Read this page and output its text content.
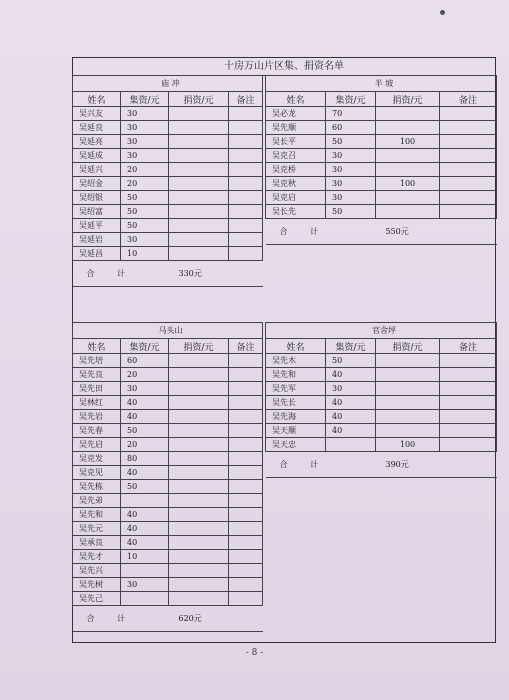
十房万山片区集、捐资名单
庙 冲			
姓名	集资/元	捐资/元	备注
吴兴友	30		
吴延良	30		
吴延亮	30		
吴延成	30		
吴延兴	20		
吴绍金	20		
吴绍银	50		
吴绍富	50		
吴延平	50		
吴延岩	30		
吴延昌	10		
合 计		330元	
半 坡			
姓名	集资/元	捐资/元	备注
吴必龙	70		
吴先顺	60		
吴长平	50	100	
吴克召	30		
吴克桥	30		
吴克秋	30	100	
吴克启	30		
吴长先	50		
合 计		550元	
马头山			
姓名	集资/元	捐资/元	备注
吴先培	60		
吴先良	20		
吴先田	30		
吴林红	40		
吴先岩	40		
吴先春	50		
吴先启	20		
吴克发	80		
吴克见	40		
吴先栋	50		
吴先弟			
吴先和	40		
吴先元	40		
吴承良	40		
吴先才	10		
吴先兴			
吴先树	30		
吴先己			
合 计		620元	
官舍坪			
姓名	集资/元	捐资/元	备注
吴先木	50		
吴先和	40		
吴先军	30		
吴先长	40		
吴先海	40		
吴天顺	40		
吴天忠		100	
合 计		390元	
- 8 -
